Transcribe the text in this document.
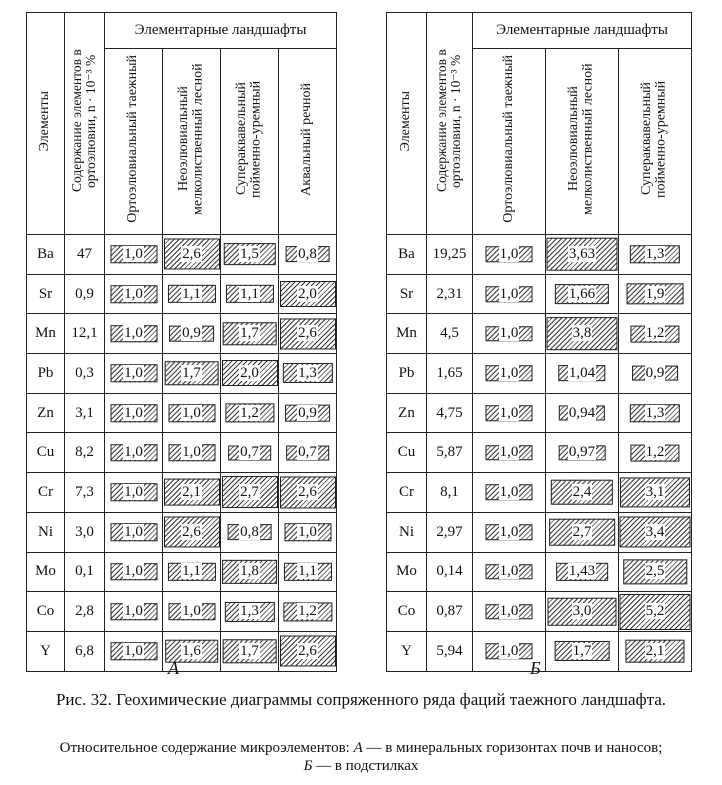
Элементы	Содержание элементов в ортоэлювии, n · 10⁻³ %	Элементарные ландшафты			
		Ортоэлювиальный таежный	Неоэлювиальный мелколиственный лесной	Супераквавельный пойменно-уремный	Аквальный речной
Ba	47	1,0	2,6	1,5	0,8
Sr	0,9	1,0	1,1	1,1	2,0
Mn	12,1	1,0	0,9	1,7	2,6
Pb	0,3	1,0	1,7	2,0	1,3
Zn	3,1	1,0	1,0	1,2	0,9
Cu	8,2	1,0	1,0	0,7	0,7
Cr	7,3	1,0	2,1	2,7	2,6
Ni	3,0	1,0	2,6	0,8	1,0
Mo	0,1	1,0	1,1	1,8	1,1
Co	2,8	1,0	1,0	1,3	1,2
Y	6,8	1,0	1,6	1,7	2,6
Элементы	Содержание элементов в ортоэлювии, n · 10⁻³ %	Элементарные ландшафты		
		Ортоэлювиальный таежный	Неоэлювиальный мелколиственный лесной	Супераквавельный пойменно-уремный
Ba	19,25	1,0	3,63	1,3
Sr	2,31	1,0	1,66	1,9
Mn	4,5	1,0	3,8	1,2
Pb	1,65	1,0	1,04	0,9
Zn	4,75	1,0	0,94	1,3
Cu	5,87	1,0	0,97	1,2
Cr	8,1	1,0	2,4	3,1
Ni	2,97	1,0	2,7	3,4
Mo	0,14	1,0	1,43	2,5
Co	0,87	1,0	3,0	5,2
Y	5,94	1,0	1,7	2,1
А	Б
Рис. 32. Геохимические диаграммы сопряженного ряда фаций таежного ландшафта.
Относительное содержание микроэлементов: А — в минеральных горизонтах почв и наносов;
Б — в подстилках
